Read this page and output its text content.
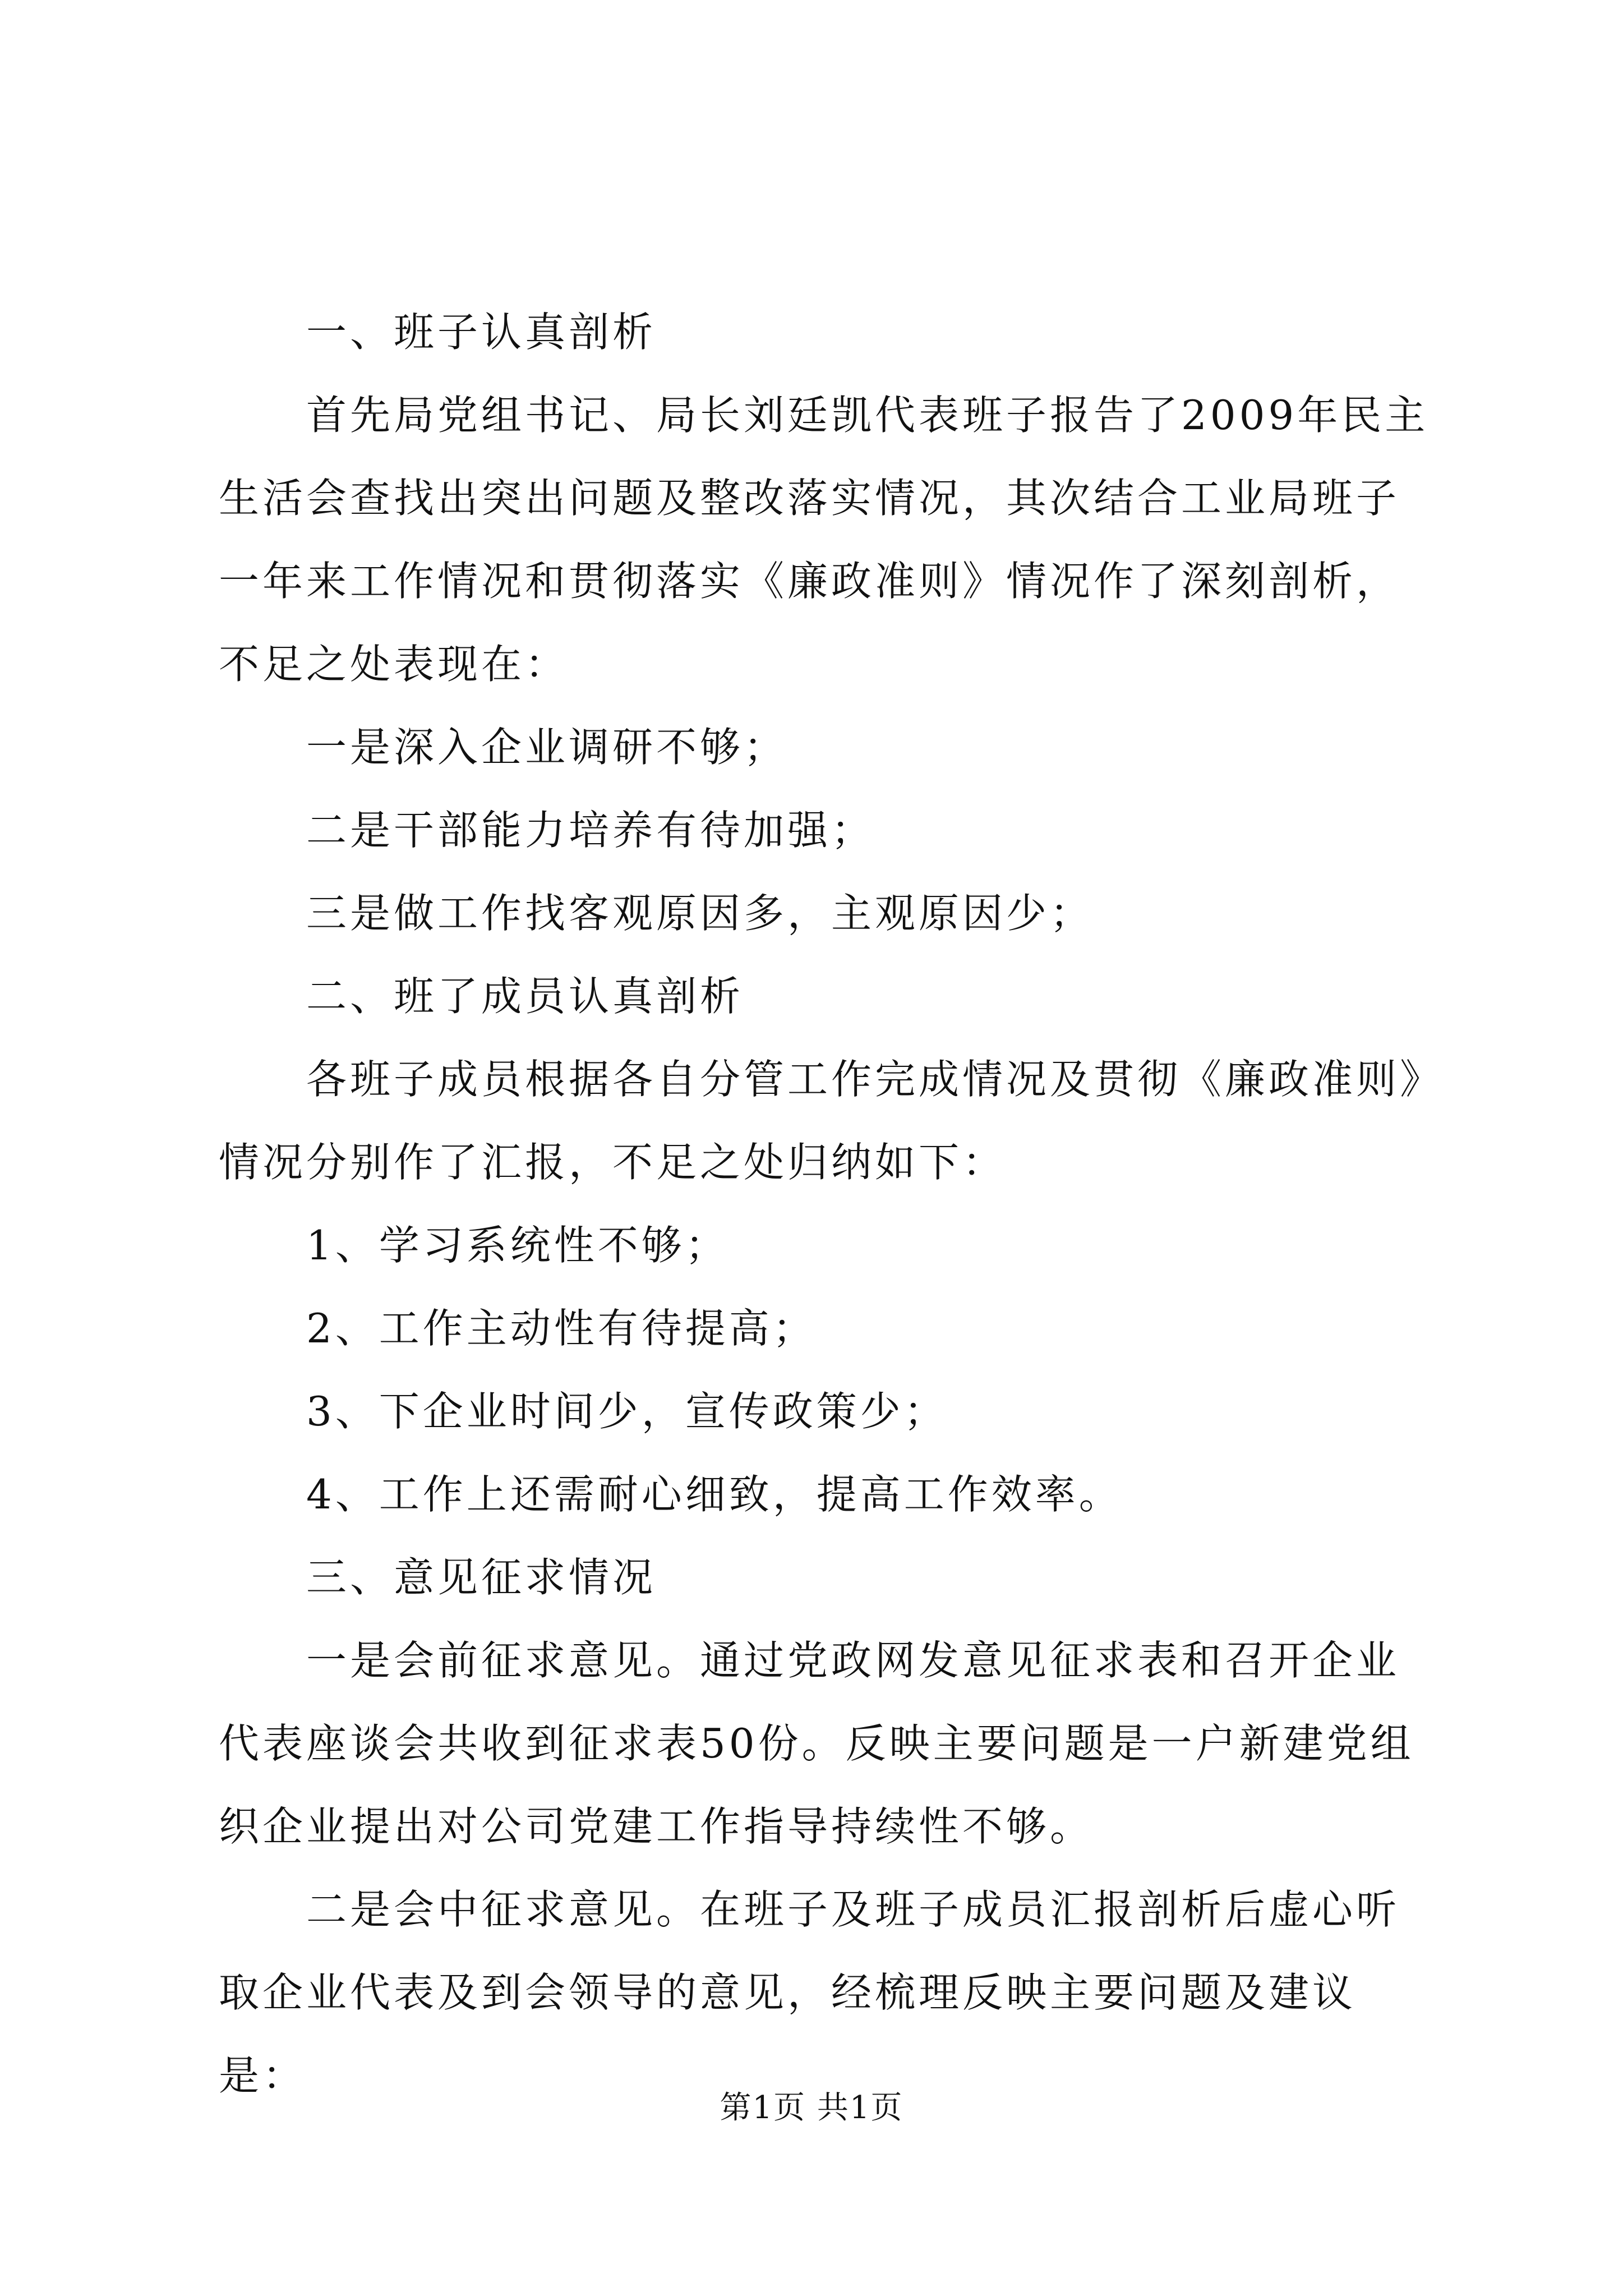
一、班子认真剖析

首先局党组书记、局长刘廷凯代表班子报告了2009年民主生活会查找出突出问题及整改落实情况，其次结合工业局班子一年来工作情况和贯彻落实《廉政准则》情况作了深刻剖析，不足之处表现在：

一是深入企业调研不够；

二是干部能力培养有待加强；

三是做工作找客观原因多，主观原因少；

二、班了成员认真剖析

各班子成员根据各自分管工作完成情况及贯彻《廉政准则》情况分别作了汇报，不足之处归纳如下：

1、学习系统性不够；

2、工作主动性有待提高；

3、下企业时间少，宣传政策少；

4、工作上还需耐心细致，提高工作效率。

三、意见征求情况

一是会前征求意见。通过党政网发意见征求表和召开企业代表座谈会共收到征求表50份。反映主要问题是一户新建党组织企业提出对公司党建工作指导持续性不够。

二是会中征求意见。在班子及班子成员汇报剖析后虚心听取企业代表及到会领导的意见，经梳理反映主要问题及建议是：

第1页 共1页
